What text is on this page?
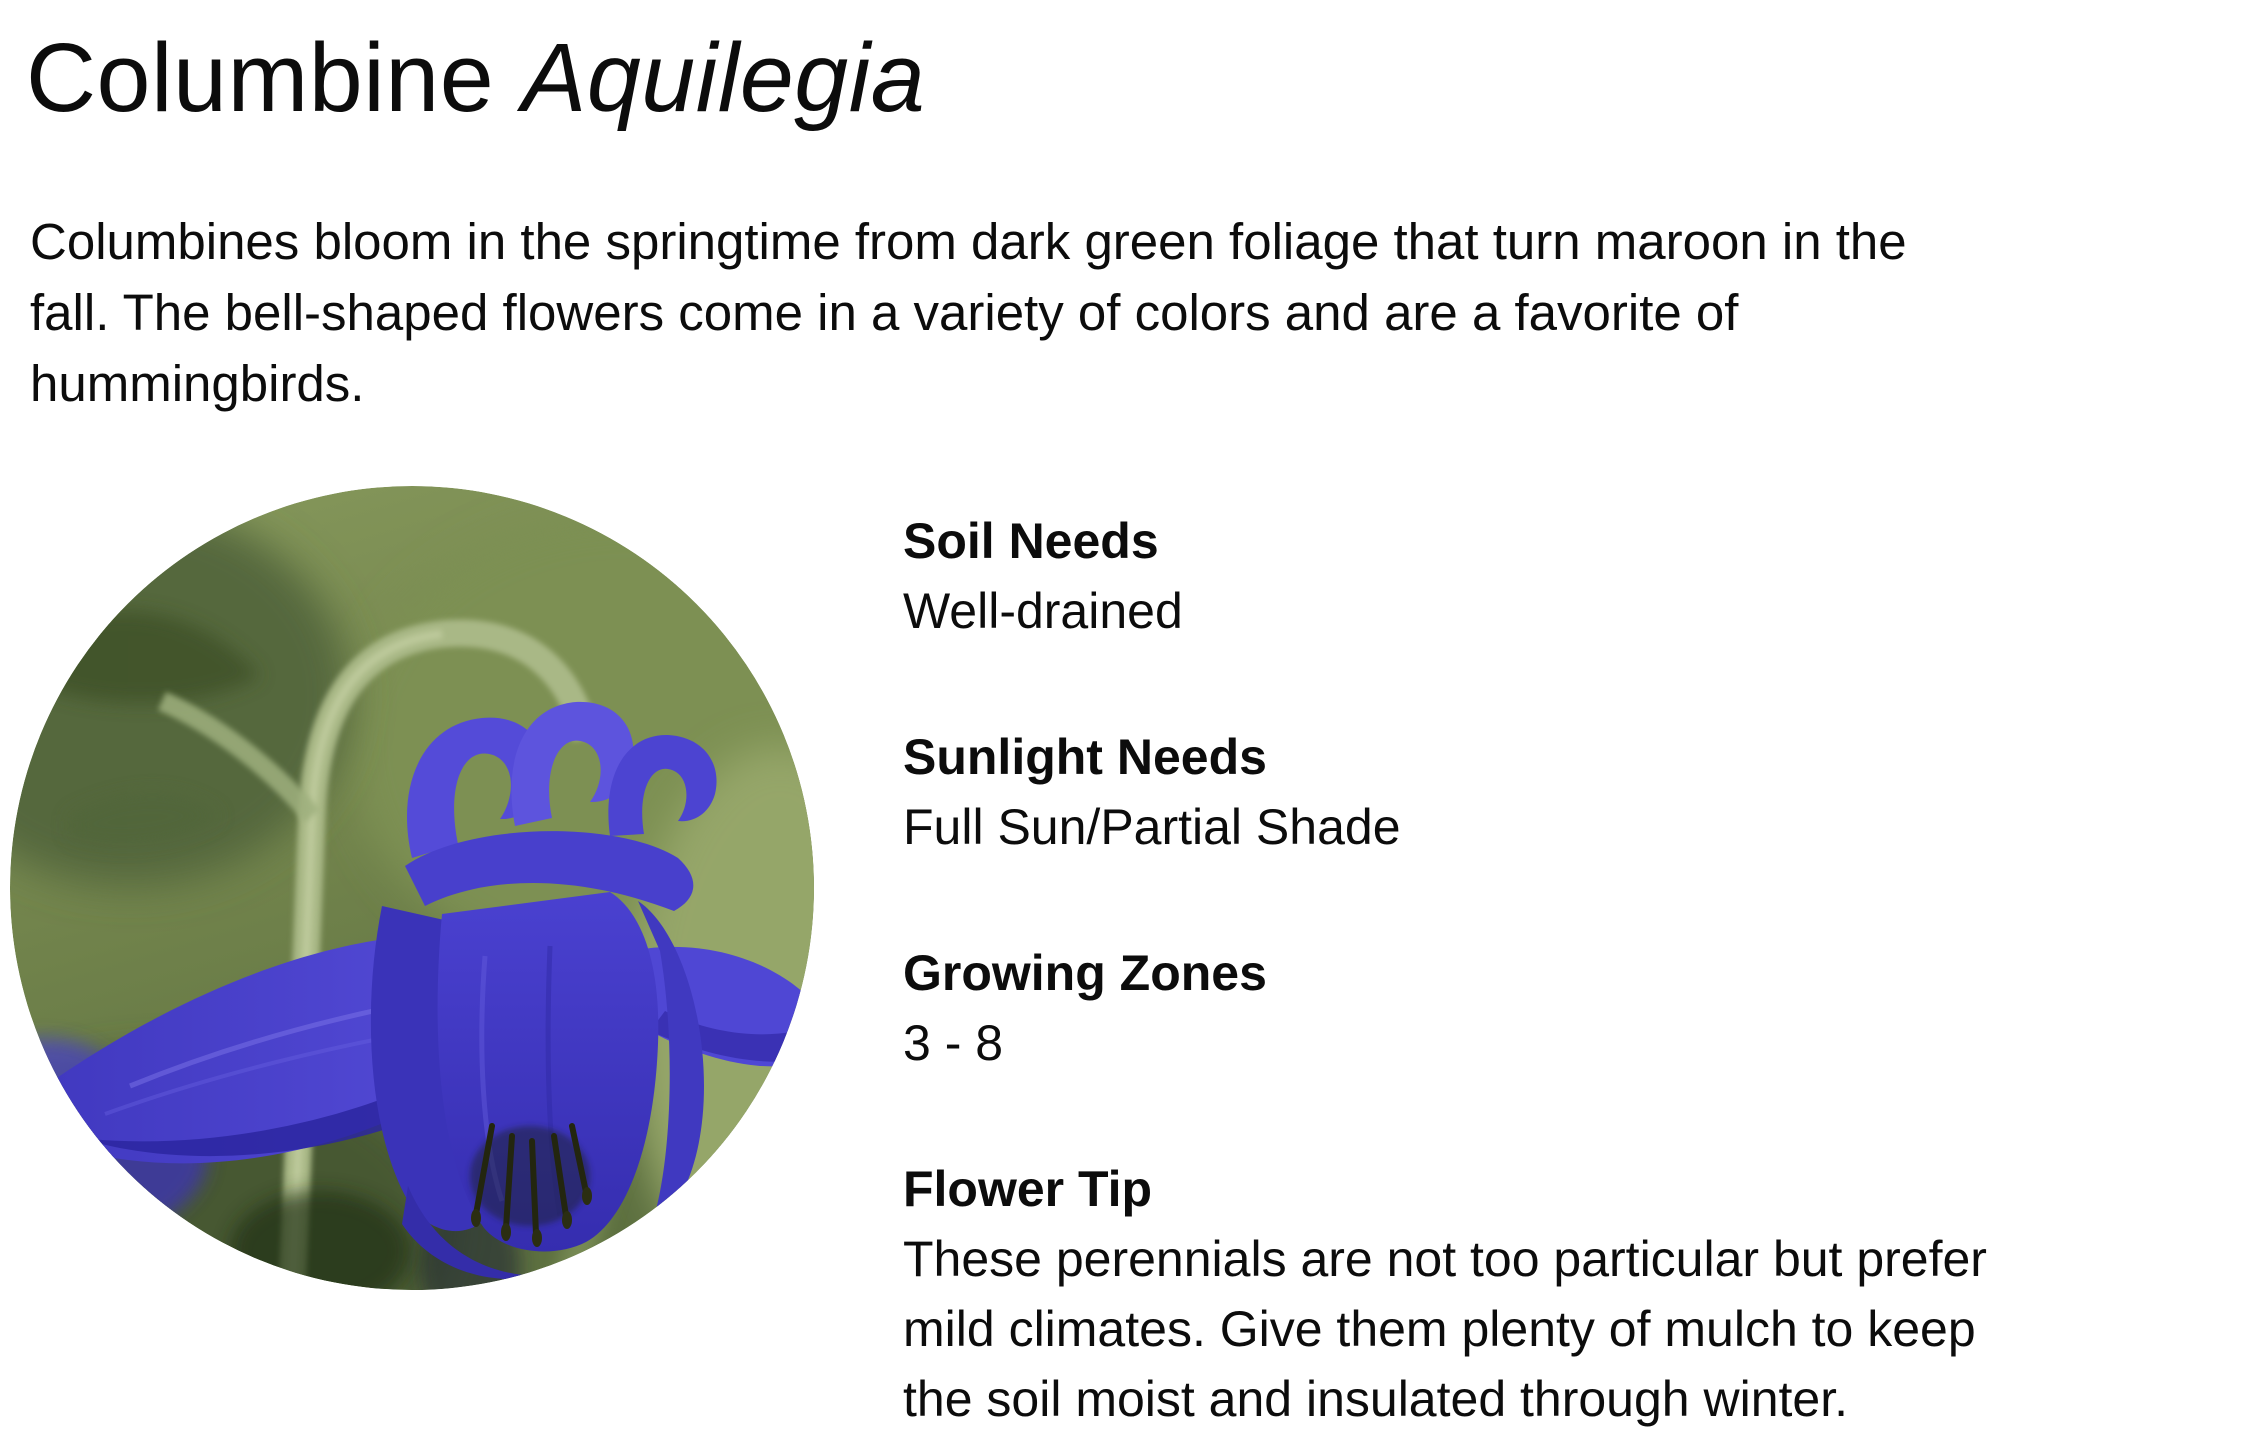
Columbine Aquilegia

Columbines bloom in the springtime from dark green foliage that turn maroon in the fall. The bell-shaped flowers come in a variety of colors and are a favorite of hummingbirds.

Soil Needs

Well-drained

Sunlight Needs

Full Sun/Partial Shade

Growing Zones

3 - 8

Flower Tip

These perennials are not too particular but prefer mild climates. Give them plenty of mulch to keep the soil moist and insulated through winter.
